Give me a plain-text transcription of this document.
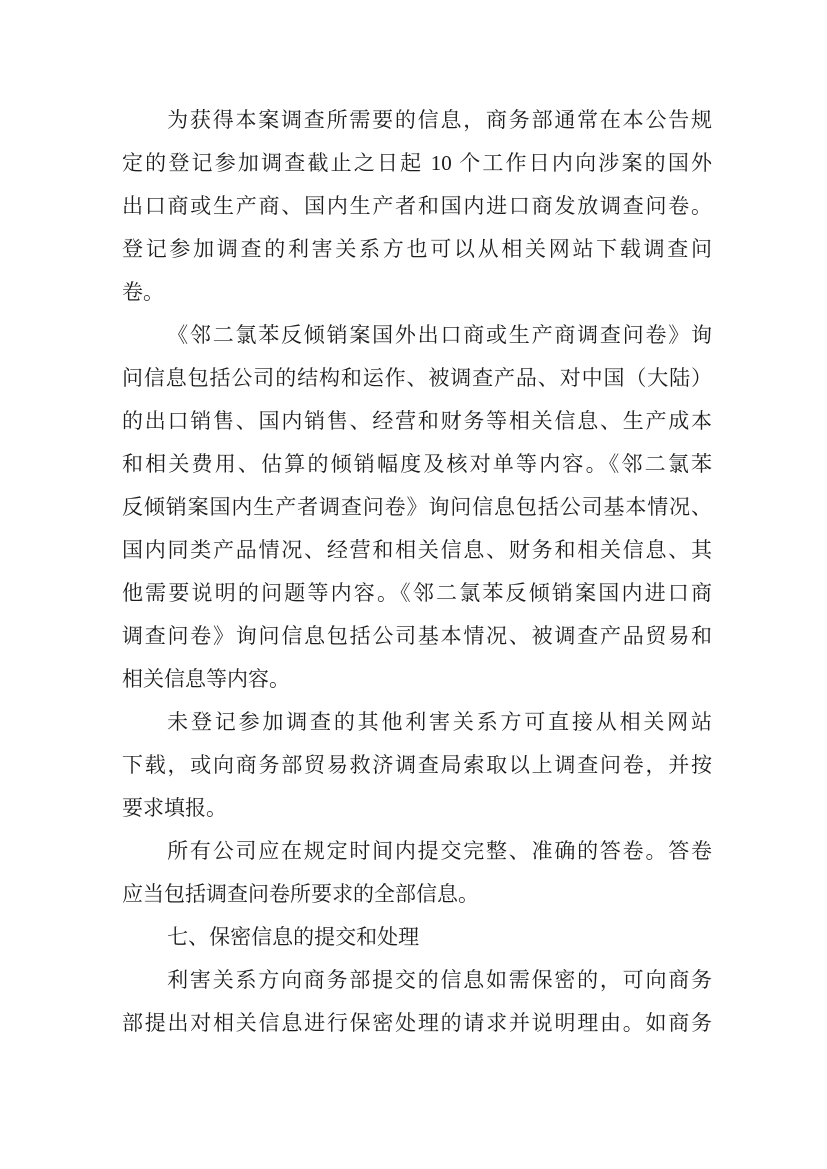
为获得本案调查所需要的信息，商务部通常在本公告规
定的登记参加调查截止之日起 10 个工作日内向涉案的国外
出口商或生产商、国内生产者和国内进口商发放调查问卷。
登记参加调查的利害关系方也可以从相关网站下载调查问
卷。
《邻二氯苯反倾销案国外出口商或生产商调查问卷》询
问信息包括公司的结构和运作、被调查产品、对中国（大陆）
的出口销售、国内销售、经营和财务等相关信息、生产成本
和相关费用、估算的倾销幅度及核对单等内容。《邻二氯苯
反倾销案国内生产者调查问卷》询问信息包括公司基本情况、
国内同类产品情况、经营和相关信息、财务和相关信息、其
他需要说明的问题等内容。《邻二氯苯反倾销案国内进口商
调查问卷》询问信息包括公司基本情况、被调查产品贸易和
相关信息等内容。
未登记参加调查的其他利害关系方可直接从相关网站
下载，或向商务部贸易救济调查局索取以上调查问卷，并按
要求填报。
所有公司应在规定时间内提交完整、准确的答卷。答卷
应当包括调查问卷所要求的全部信息。
七、保密信息的提交和处理
利害关系方向商务部提交的信息如需保密的，可向商务
部提出对相关信息进行保密处理的请求并说明理由。如商务
